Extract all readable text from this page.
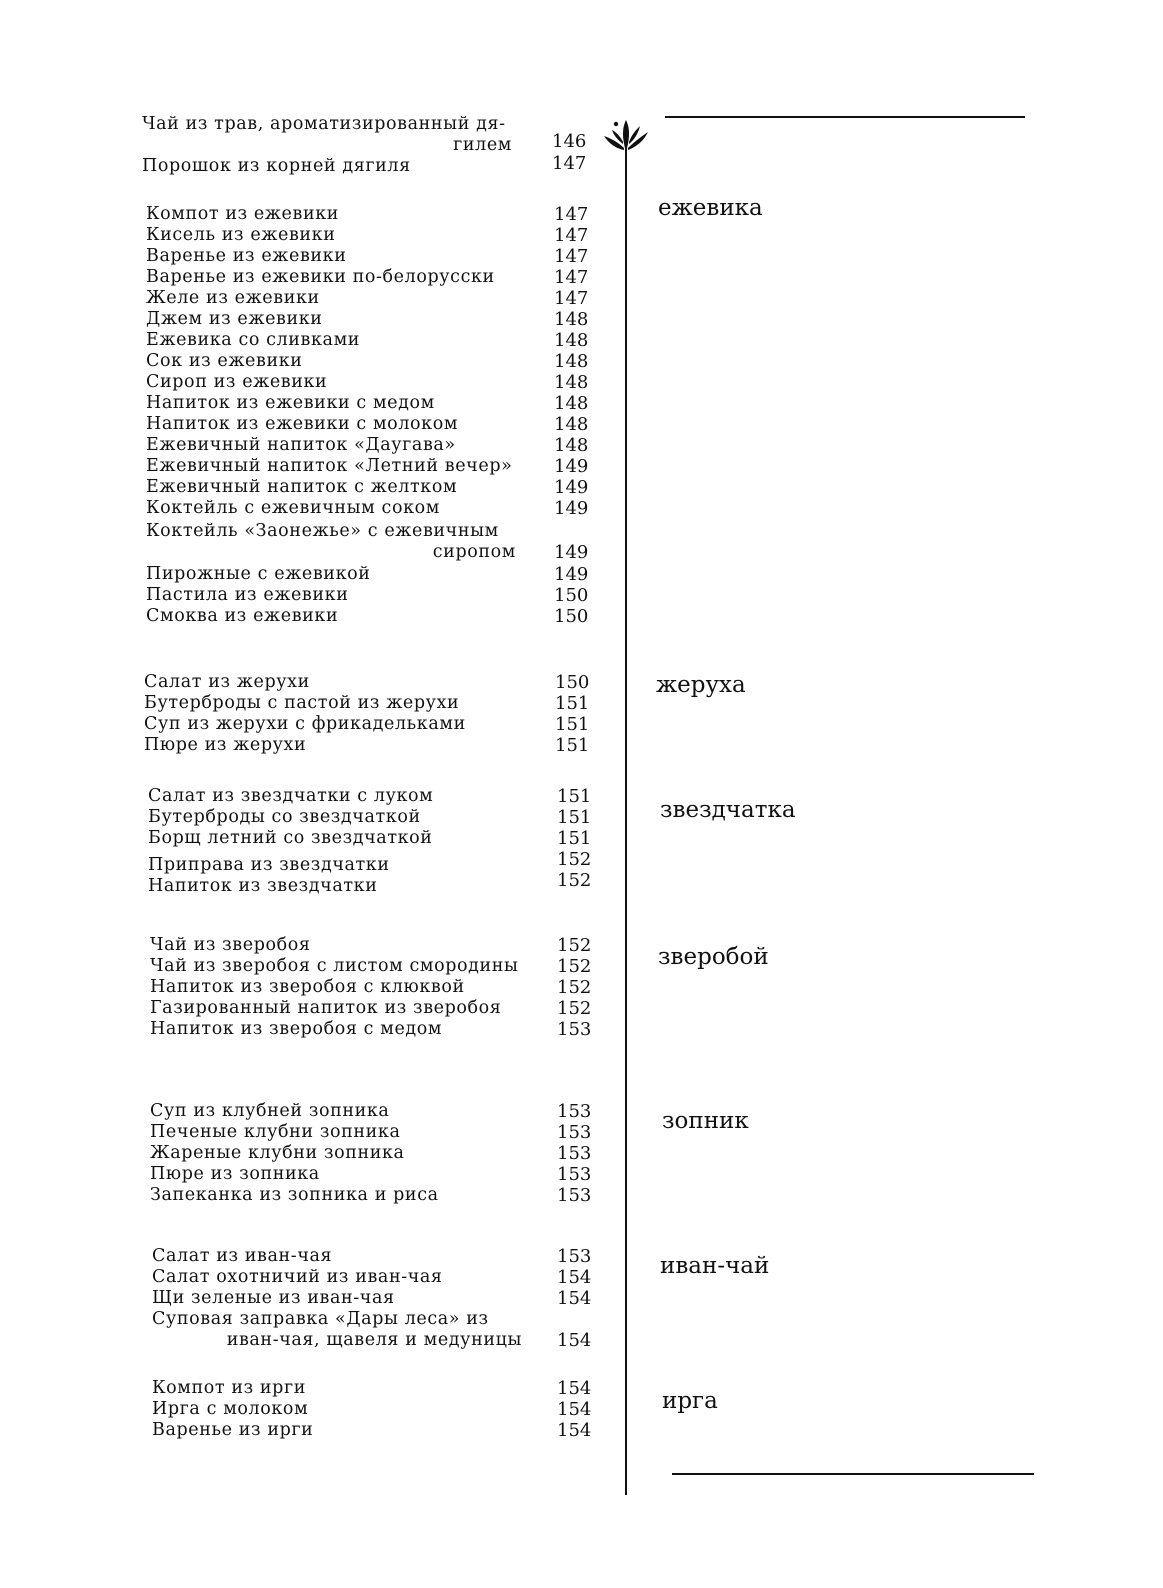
Чай из трав, ароматизированный дя-
гилем 146
Порошок из корней дягиля	147
ежевика
Компот из ежевики	147
Кисель из ежевики	147
Варенье из ежевики	147
Варенье из ежевики по-белорусски	147
Желе из ежевики	147
Джем из ежевики	148
Ежевика со сливками	148
Сок из ежевики	148
Сироп из ежевики	148
Напиток из ежевики с медом	148
Напиток из ежевики с молоком	148
Ежевичный напиток «Даугава»	148
Ежевичный напиток «Летний вечер» 149
Ежевичный напиток с желтком	149
Коктейль с ежевичным соком	149
Коктейль «Заонежье» с ежевичным
сиропом 149
Пирожные с ежевикой	149
Пастила из ежевики	150
Смоква из ежевики	150
жеруха
Салат из жерухи	150
Бутерброды с пастой из жерухи	151
Суп из жерухи с фрикадельками	151
Пюре из жерухи	151
звездчатка
Салат из звездчатки с луком	151
Бутерброды со звездчаткой	151
Борщ летний со звездчаткой	151
Приправа из звездчатки	152
Напиток из звездчатки	152
зверобой
Чай из зверобоя	152
Чай из зверобоя с листом смородины 152
Напиток из зверобоя с клюквой	152
Газированный напиток из зверобоя	152
Напиток из зверобоя с медом	153
зопник
Суп из клубней зопника	153
Печеные клубни зопника	153
Жареные клубни зопника	153
Пюре из зопника	153
Запеканка из зопника и риса	153
иван-чай
Салат из иван-чая	153
Салат охотничий из иван-чая	154
Щи зеленые из иван-чая	154
Суповая заправка «Дары леса» из
иван-чая, щавеля и медуницы 154
ирга
Компот из ирги	154
Ирга с молоком	154
Варенье из ирги	154
